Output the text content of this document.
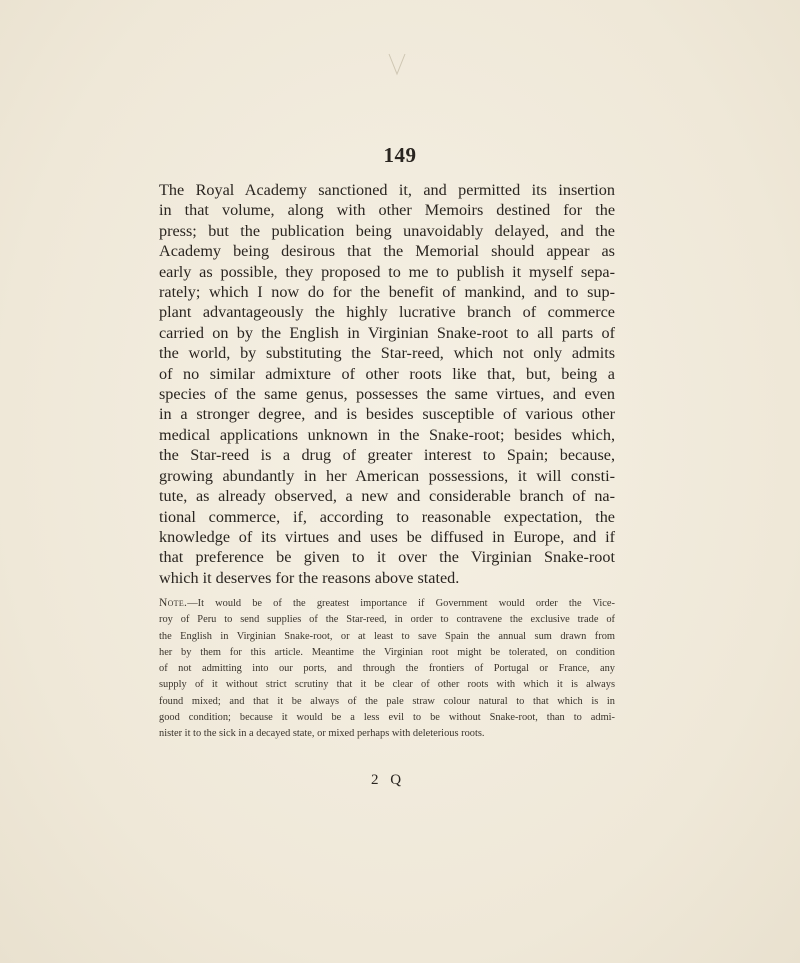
149
The Royal Academy sanctioned it, and permitted its insertion
in that volume, along with other Memoirs destined for the
press; but the publication being unavoidably delayed, and the
Academy being desirous that the Memorial should appear as
early as possible, they proposed to me to publish it myself sepa-
rately; which I now do for the benefit of mankind, and to sup-
plant advantageously the highly lucrative branch of commerce
carried on by the English in Virginian Snake-root to all parts of
the world, by substituting the Star-reed, which not only admits
of no similar admixture of other roots like that, but, being a
species of the same genus, possesses the same virtues, and even
in a stronger degree, and is besides susceptible of various other
medical applications unknown in the Snake-root; besides which,
the Star-reed is a drug of greater interest to Spain; because,
growing abundantly in her American possessions, it will consti-
tute, as already observed, a new and considerable branch of na-
tional commerce, if, according to reasonable expectation, the
knowledge of its virtues and uses be diffused in Europe, and if
that preference be given to it over the Virginian Snake-root
which it deserves for the reasons above stated.
Note.—It would be of the greatest importance if Government would order the Vice-
roy of Peru to send supplies of the Star-reed, in order to contravene the exclusive trade of
the English in Virginian Snake-root, or at least to save Spain the annual sum drawn from
her by them for this article. Meantime the Virginian root might be tolerated, on condition
of not admitting into our ports, and through the frontiers of Portugal or France, any
supply of it without strict scrutiny that it be clear of other roots with which it is always
found mixed; and that it be always of the pale straw colour natural to that which is in
good condition; because it would be a less evil to be without Snake-root, than to admi-
nister it to the sick in a decayed state, or mixed perhaps with deleterious roots.
2 Q
